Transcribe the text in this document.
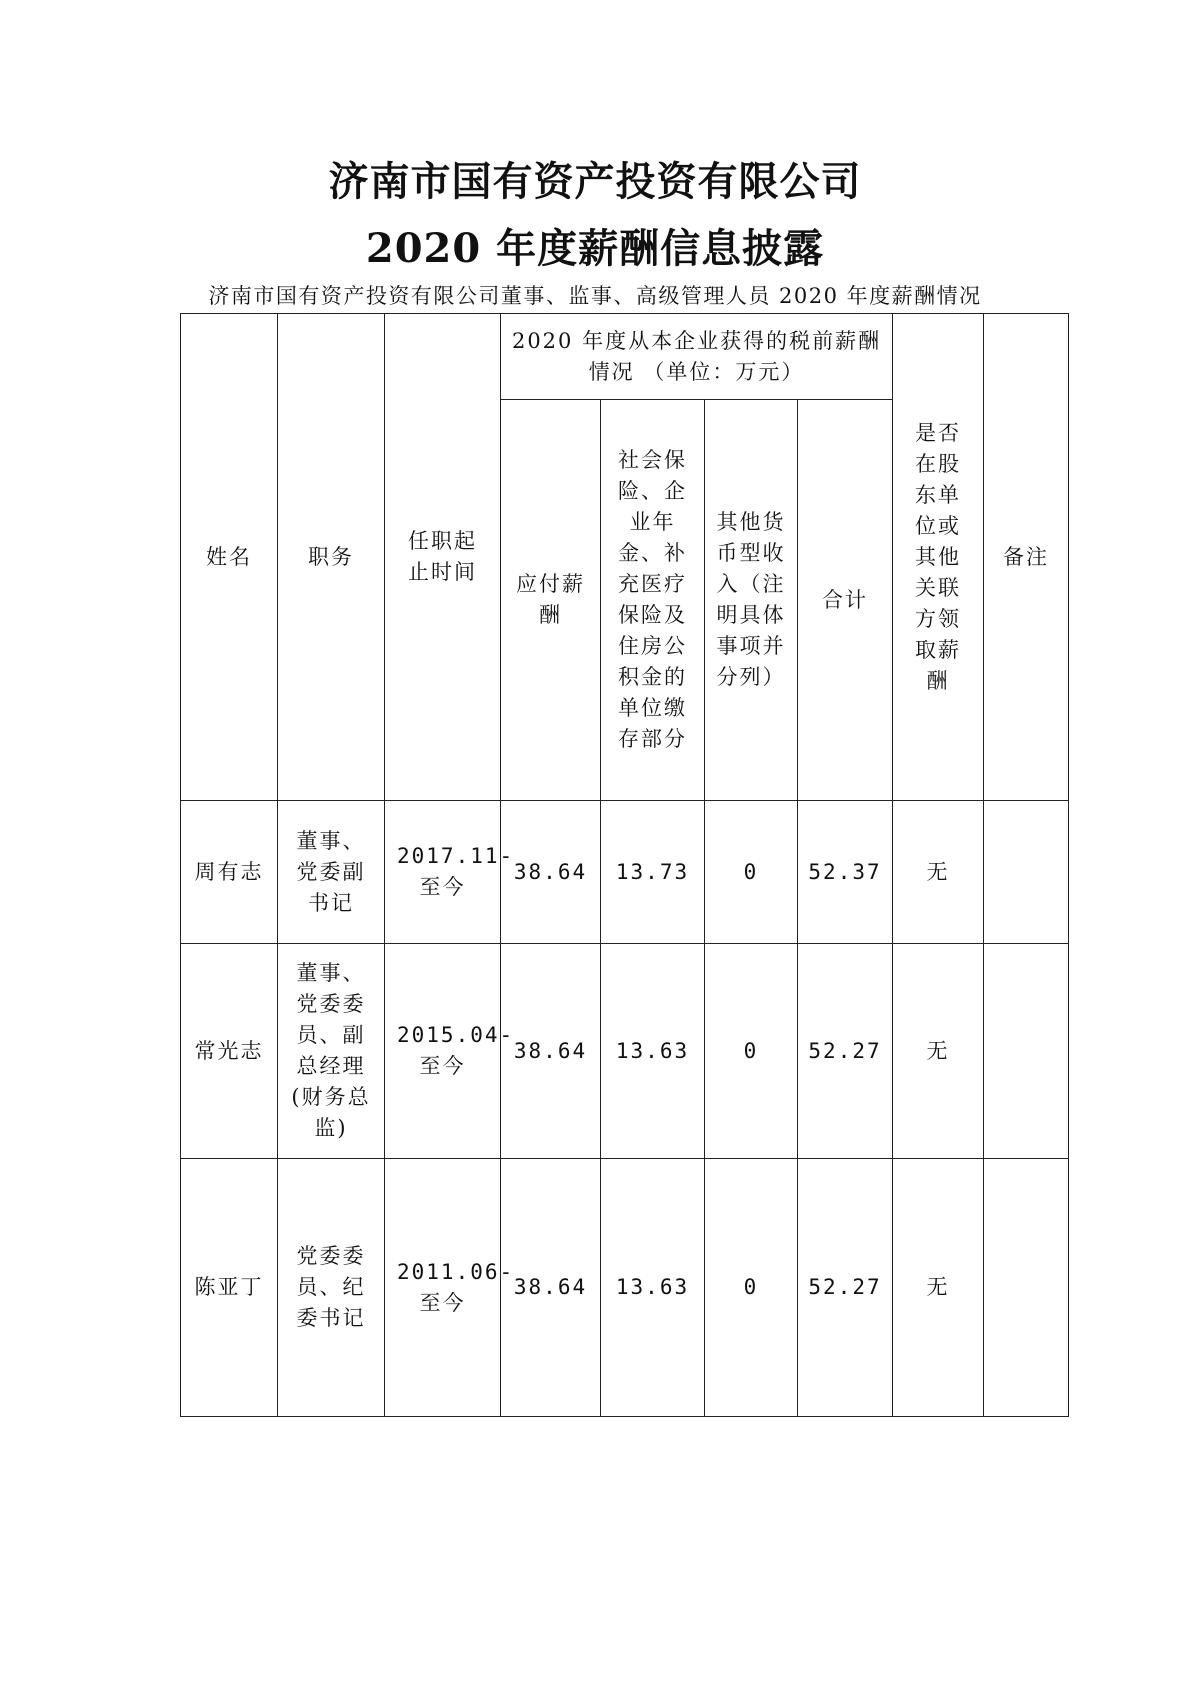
济南市国有资产投资有限公司
2020 年度薪酬信息披露
济南市国有资产投资有限公司董事、监事、高级管理人员 2020 年度薪酬情况
姓名	职务	任职起止时间	2020 年度从本企业获得的税前薪酬情况 （单位：万元）				是否在股东单位或其他关联方领取薪酬	备注
			应付薪酬	社会保险、企业年金、补充医疗保险及住房公积金的单位缴存部分	其他货币型收入（注明具体事项并分列）	合计		
周有志	董事、党委副书记	2017.11-至今	38.64	13.73	0	52.37	无	
常光志	董事、党委委员、副总经理(财务总监)	2015.04-至今	38.64	13.63	0	52.27	无	
陈亚丁	党委委员、纪委书记	2011.06-至今	38.64	13.63	0	52.27	无	
